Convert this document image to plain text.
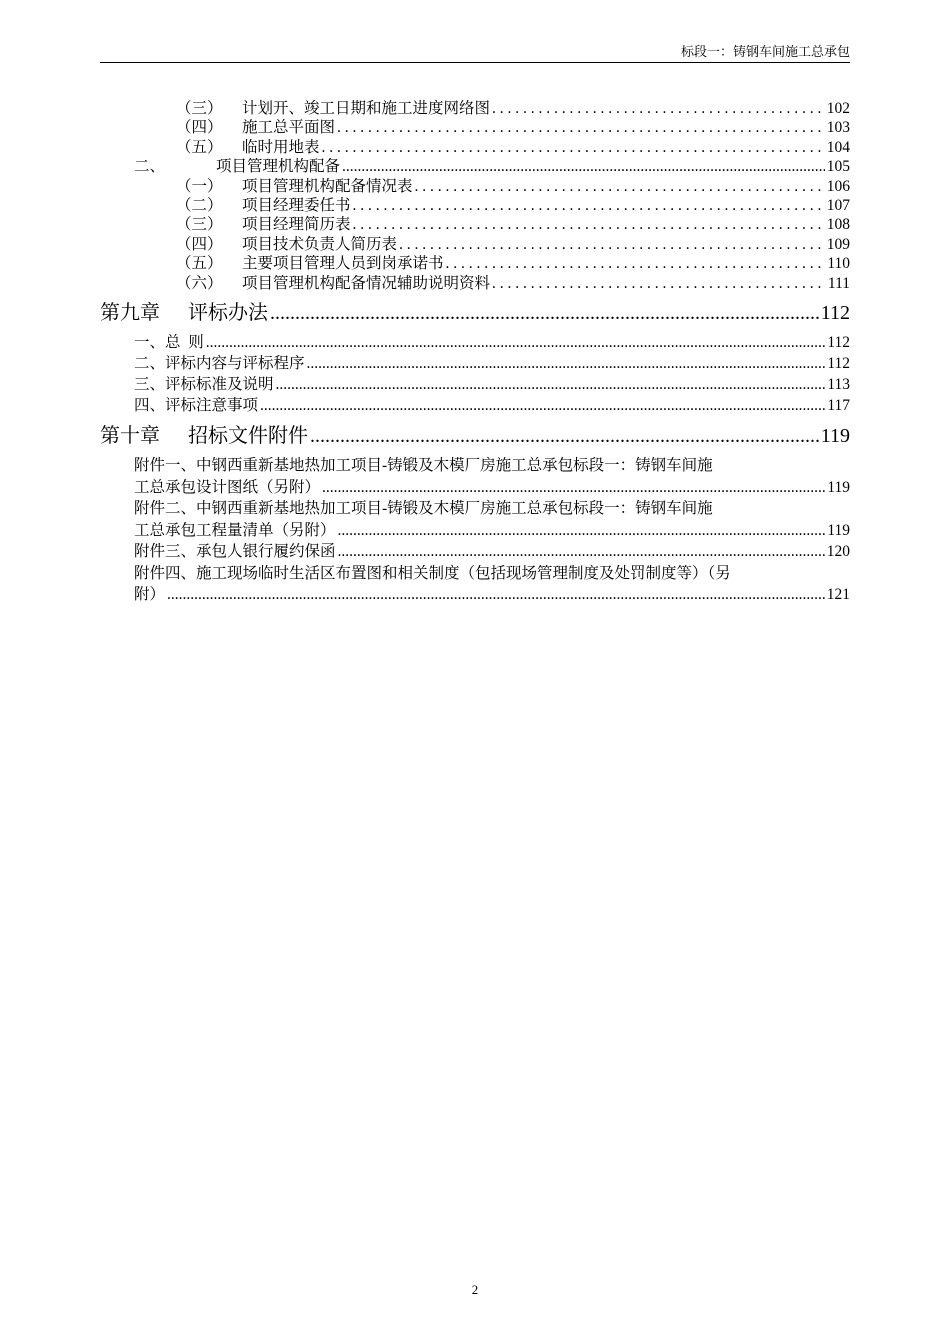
标段一：铸钢车间施工总承包
（三）	计划开、竣工日期和施工进度网络图 . . .	102
（四）	施工总平面图 . . .	103
（五）	临时用地表 . . .	104
二、	项目管理机构配备 .....	105
（一）	项目管理机构配备情况表 . . .	106
（二）	项目经理委任书 . . .	107
（三）	项目经理简历表 . . .	108
（四）	项目技术负责人简历表 . . .	109
（五）	主要项目管理人员到岗承诺书 . . .	110
（六）	项目管理机构配备情况辅助说明资料 . . .	111
第九章	评标办法 .....	112
一、总  则 .....	112
二、评标内容与评标程序 .....	112
三、评标标准及说明 .....	113
四、评标注意事项 .....	117
第十章	招标文件附件 .....	119
附件一、中钢西重新基地热加工项目-铸锻及木模厂房施工总承包标段一：铸钢车间施
工总承包设计图纸（另附） .....	119
附件二、中钢西重新基地热加工项目-铸锻及木模厂房施工总承包标段一：铸钢车间施
工总承包工程量清单（另附） .....	119
附件三、承包人银行履约保函 .....	120
附件四、施工现场临时生活区布置图和相关制度（包括现场管理制度及处罚制度等）（另
附） .....	121
2
